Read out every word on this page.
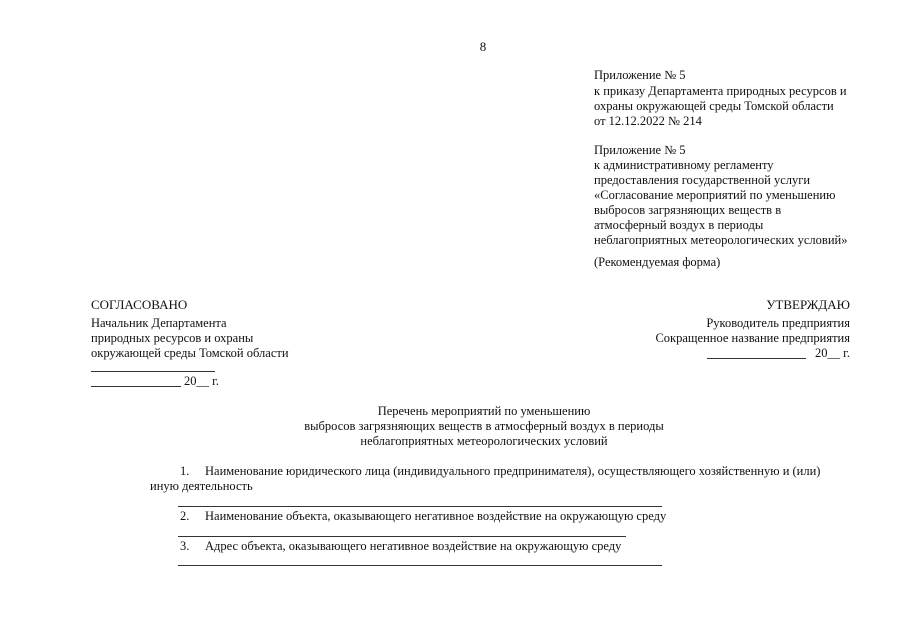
8
Приложение № 5
к приказу Департамента природных ресурсов и
охраны окружающей среды Томской области
от 12.12.2022 № 214
Приложение № 5
к административному регламенту
предоставления государственной услуги
«Согласование мероприятий по уменьшению
выбросов загрязняющих веществ в
атмосферный воздух в периоды
неблагоприятных метеорологических условий»
(Рекомендуемая форма)
СОГЛАСОВАНО
Начальник Департамента
природных ресурсов и охраны
окружающей среды Томской области
20__ г.
УТВЕРЖДАЮ
Руководитель предприятия
Сокращенное название предприятия
20__ г.
Перечень мероприятий по уменьшению
выбросов загрязняющих веществ в атмосферный воздух в периоды
неблагоприятных метеорологических условий
1. Наименование юридического лица (индивидуального предпринимателя), осуществляющего хозяйственную и (или)
иную деятельность
2. Наименование объекта, оказывающего негативное воздействие на окружающую среду
3. Адрес объекта, оказывающего негативное воздействие на окружающую среду
